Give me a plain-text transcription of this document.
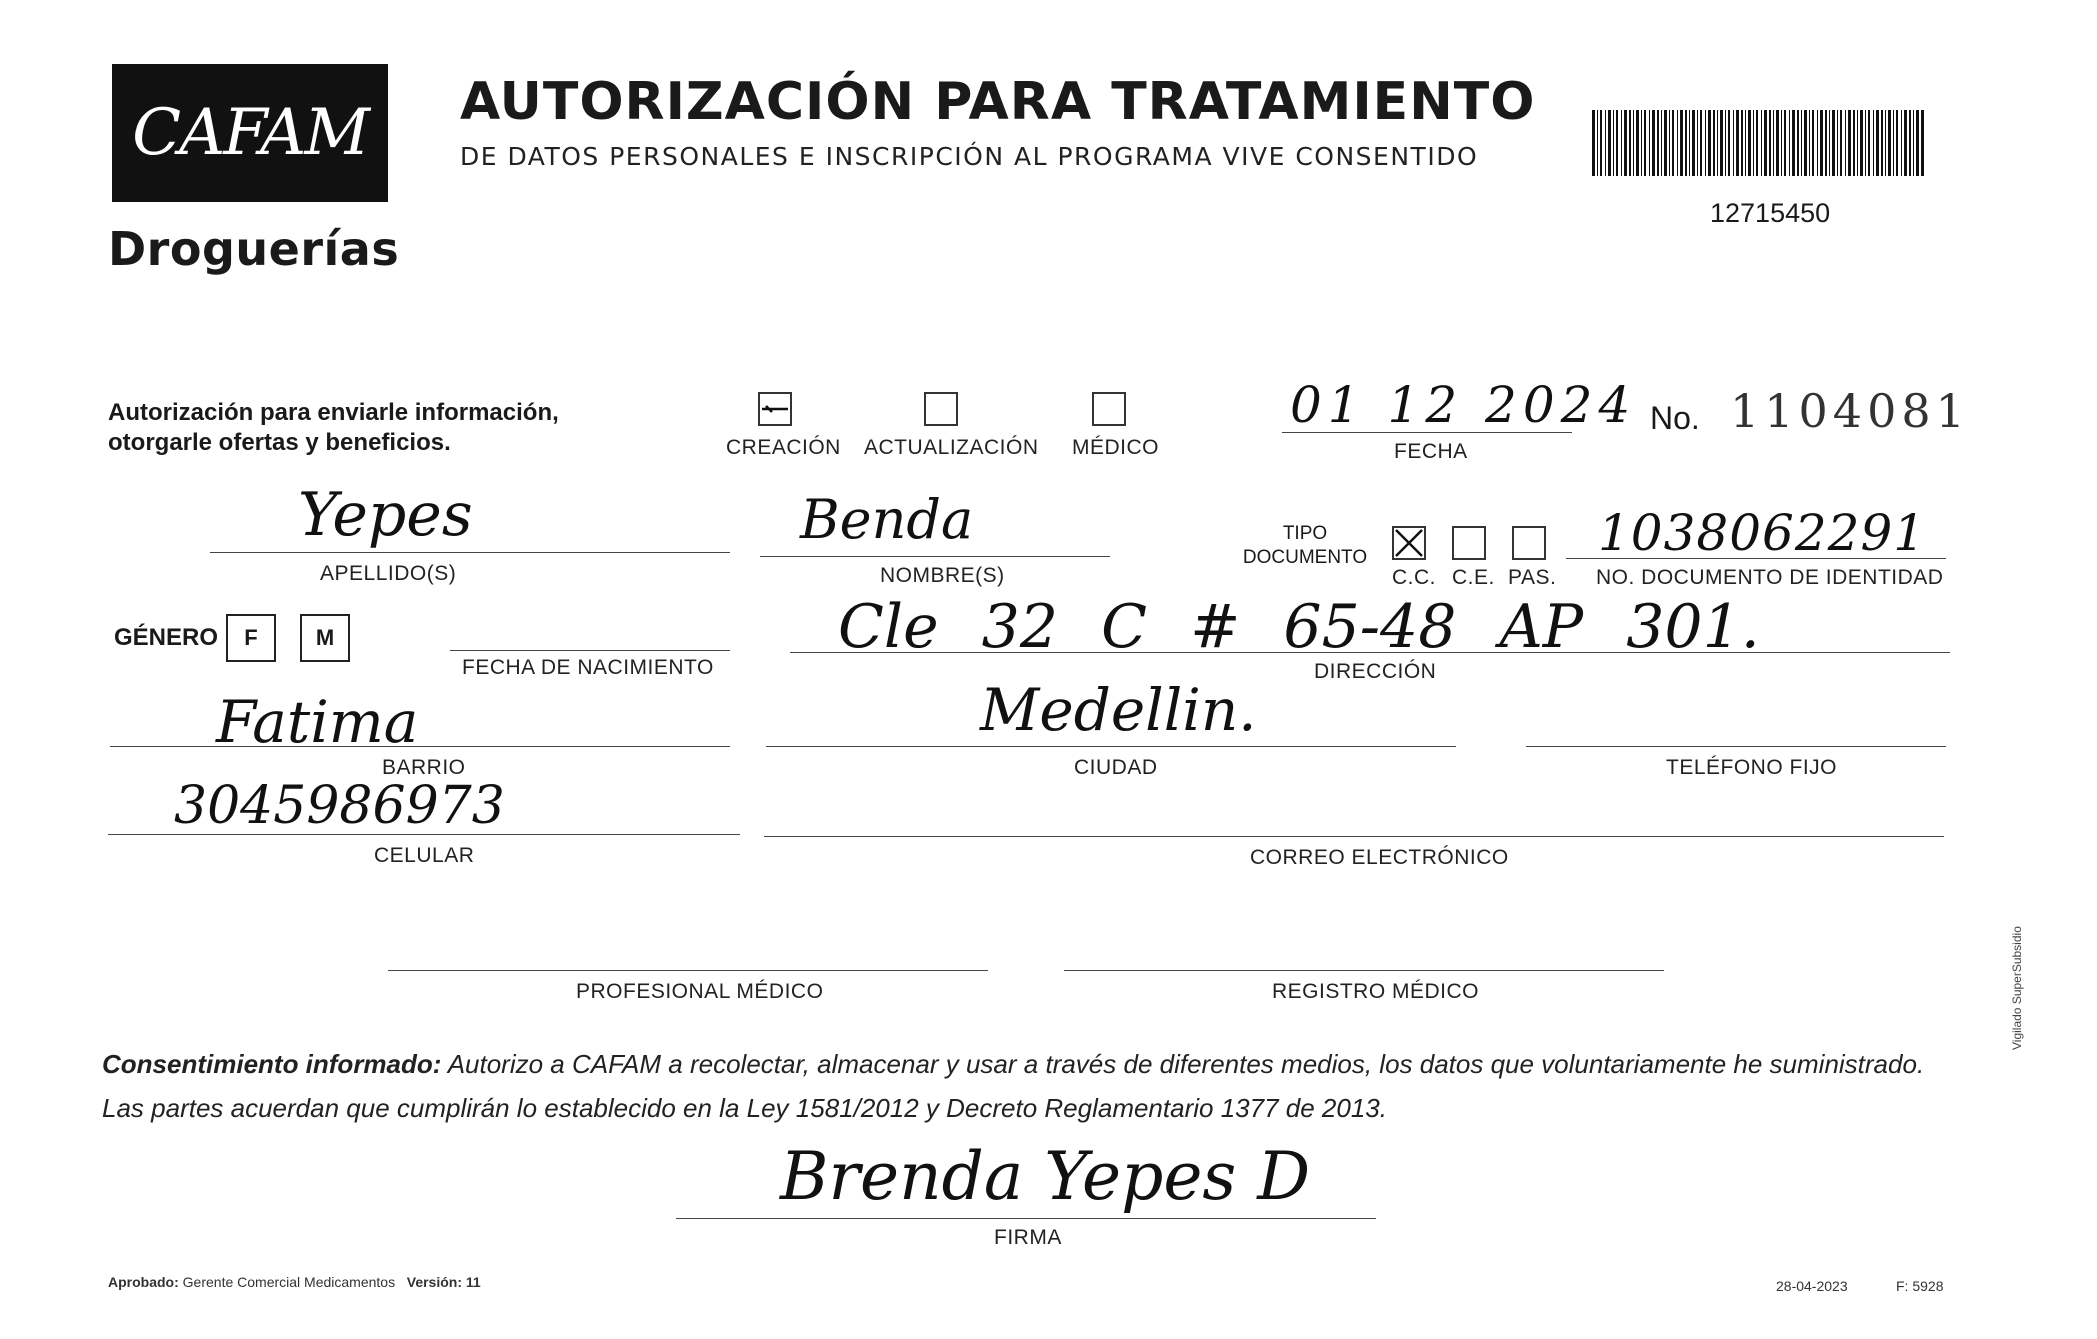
CAFAM
Droguerías
AUTORIZACIÓN PARA TRATAMIENTO
DE DATOS PERSONALES E INSCRIPCIÓN AL PROGRAMA VIVE CONSENTIDO
12715450
Autorización para enviarle información,
otorgarle ofertas y beneficios.	CREACIÓN ACTUALIZACIÓN MÉDICO
01 12 2024
FECHA
No. 1104081
Yepes
APELLIDO(S)
Benda
NOMBRE(S)
TIPO
DOCUMENTO
C.C. C.E. PAS.
1038062291
NO. DOCUMENTO DE IDENTIDAD
GÉNERO	F	M
FECHA DE NACIMIENTO
Cle 32 C # 65-48 AP 301.
DIRECCIÓN
Fatima
BARRIO
Medellin.
CIUDAD	TELÉFONO FIJO
3045986973
CELULAR	CORREO ELECTRÓNICO
PROFESIONAL MÉDICO	REGISTRO MÉDICO
Consentimiento informado: Autorizo a CAFAM a recolectar, almacenar y usar a través de diferentes medios, los datos que voluntariamente he suministrado.
Las partes acuerdan que cumplirán lo establecido en la Ley 1581/2012 y Decreto Reglamentario 1377 de 2013.
Brenda Yepes D
FIRMA
Aprobado: Gerente Comercial Medicamentos Versión: 11	28-04-2023	F: 5928
Vigilado SuperSubsidio
